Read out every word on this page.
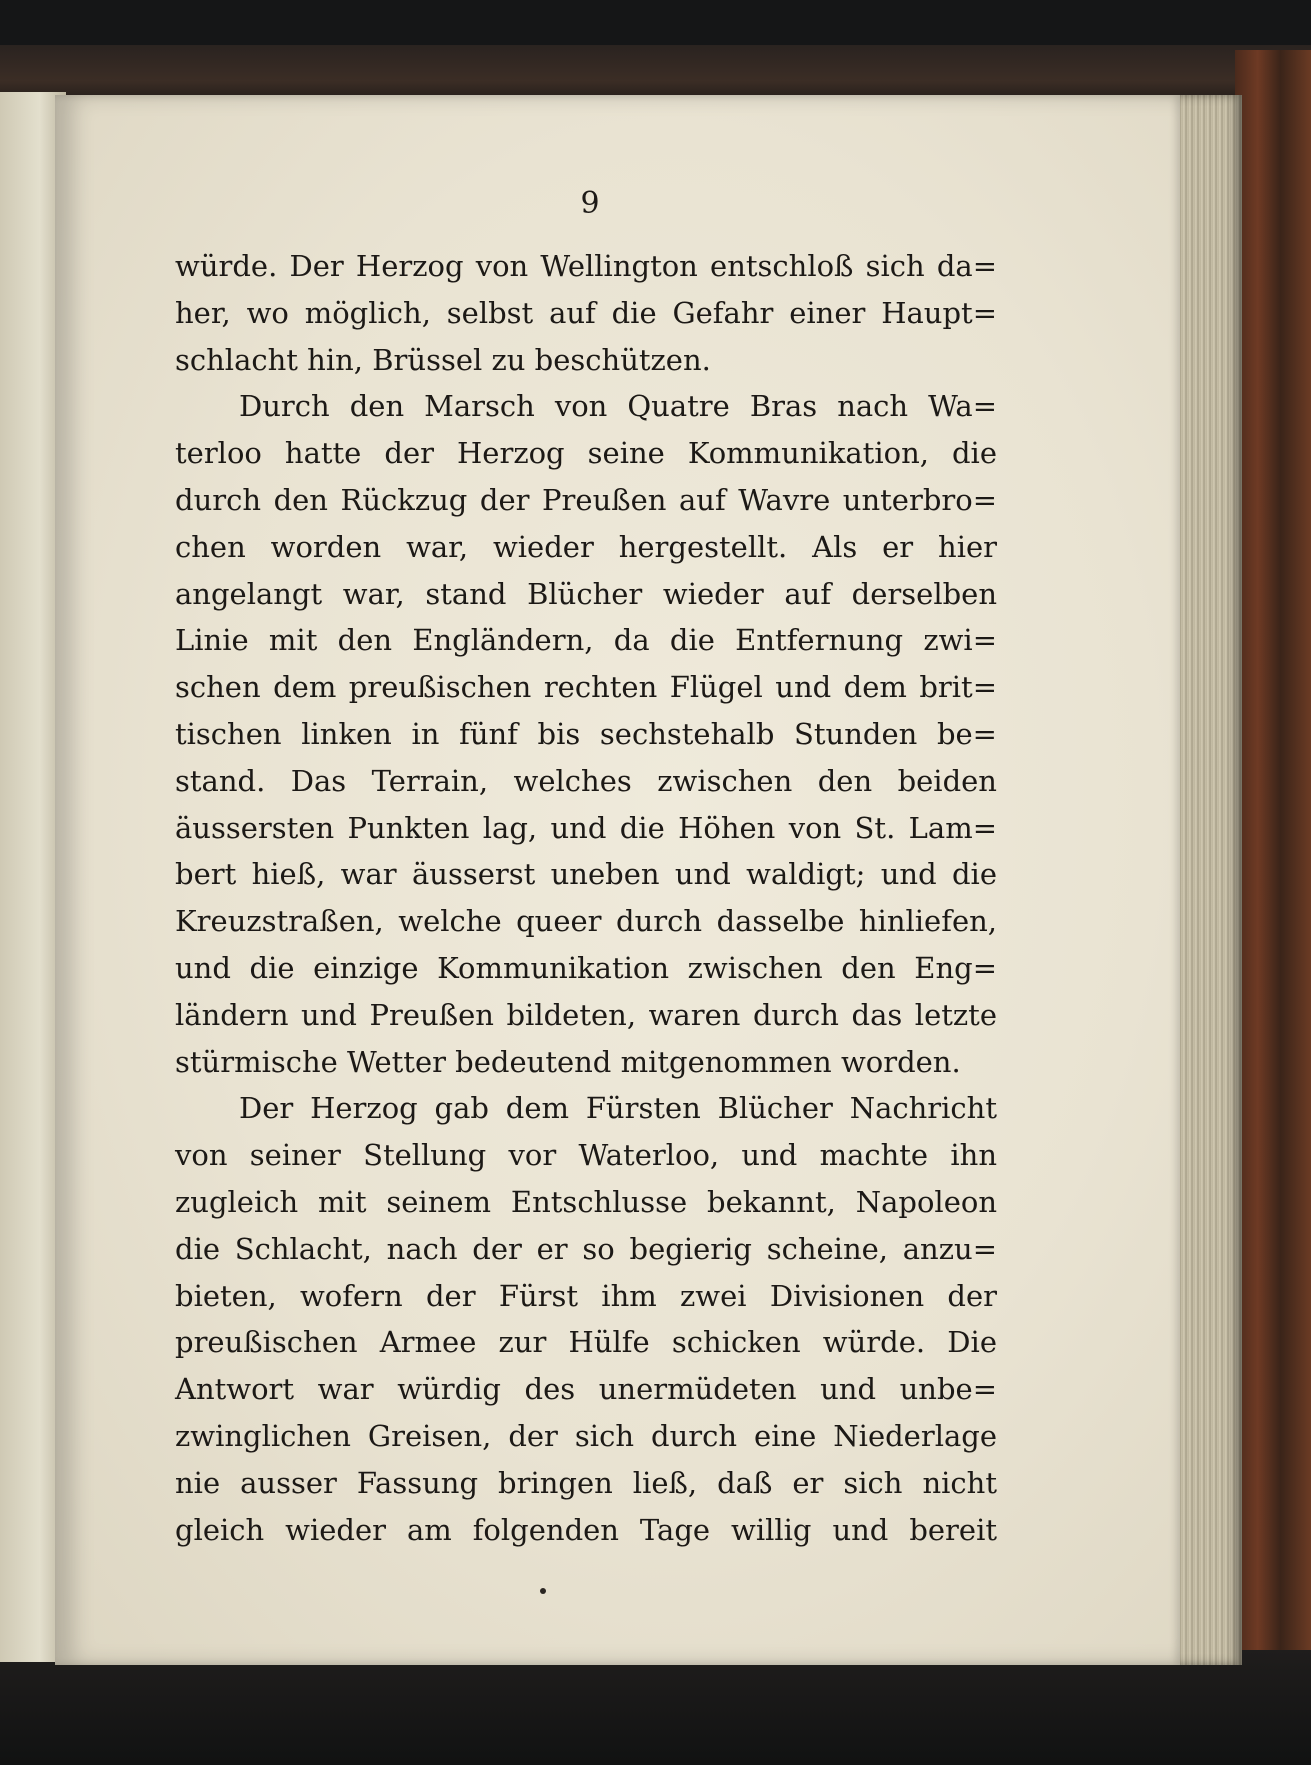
9
würde. Der Herzog von Wellington entschloß sich da=
her, wo möglich, selbst auf die Gefahr einer Haupt=
schlacht hin, Brüssel zu beschützen.
Durch den Marsch von Quatre Bras nach Wa=
terloo hatte der Herzog seine Kommunikation, die
durch den Rückzug der Preußen auf Wavre unterbro=
chen worden war, wieder hergestellt. Als er hier
angelangt war, stand Blücher wieder auf derselben
Linie mit den Engländern, da die Entfernung zwi=
schen dem preußischen rechten Flügel und dem brit=
tischen linken in fünf bis sechstehalb Stunden be=
stand. Das Terrain, welches zwischen den beiden
äussersten Punkten lag, und die Höhen von St. Lam=
bert hieß, war äusserst uneben und waldigt; und die
Kreuzstraßen, welche queer durch dasselbe hinliefen,
und die einzige Kommunikation zwischen den Eng=
ländern und Preußen bildeten, waren durch das letzte
stürmische Wetter bedeutend mitgenommen worden.
Der Herzog gab dem Fürsten Blücher Nachricht
von seiner Stellung vor Waterloo, und machte ihn
zugleich mit seinem Entschlusse bekannt, Napoleon
die Schlacht, nach der er so begierig scheine, anzu=
bieten, wofern der Fürst ihm zwei Divisionen der
preußischen Armee zur Hülfe schicken würde. Die
Antwort war würdig des unermüdeten und unbe=
zwinglichen Greisen, der sich durch eine Niederlage
nie ausser Fassung bringen ließ, daß er sich nicht
gleich wieder am folgenden Tage willig und bereit
